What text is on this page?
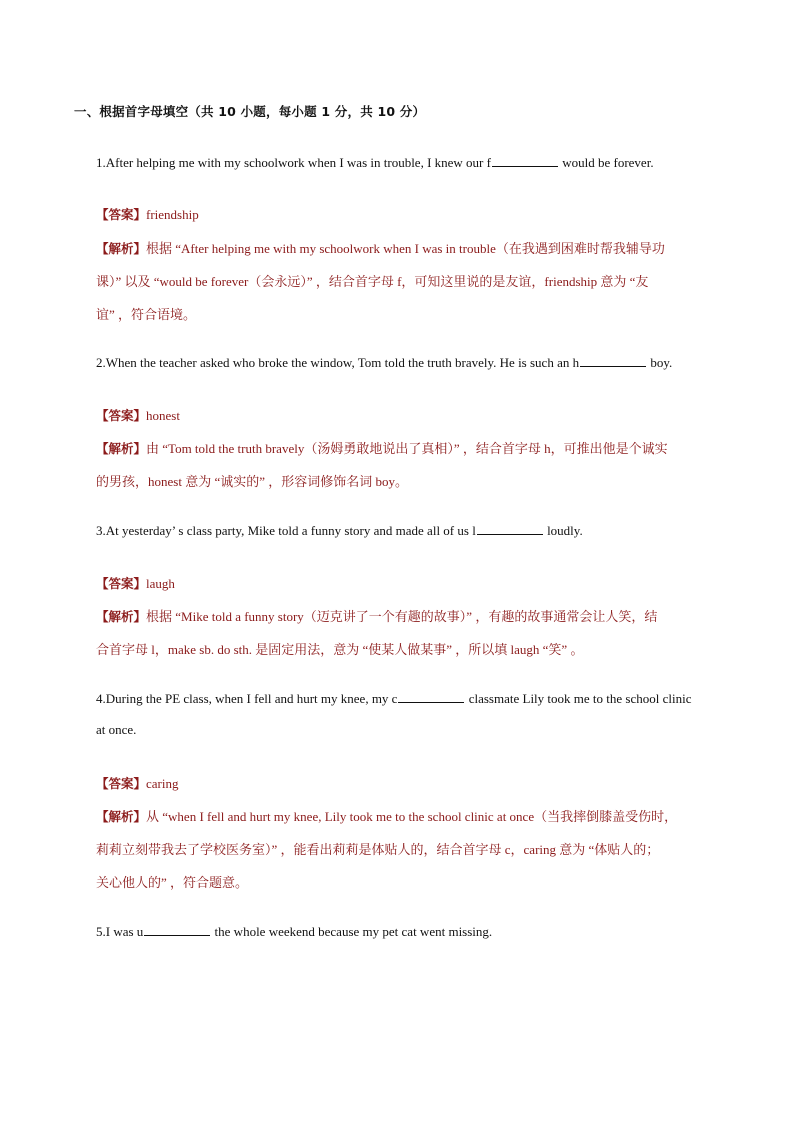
一、根据首字母填空（共 10 小题，每小题 1 分，共 10 分）
1.After helping me with my schoolwork when I was in trouble, I knew our f	would be forever.
【答案】friendship
【解析】根据 “After helping me with my schoolwork when I was in trouble（在我遇到困难时帮我辅导功
课）” 以及 “would be forever（会永远）” ，结合首字母 f，可知这里说的是友谊，friendship 意为 “友
谊” ，符合语境。
2.When the teacher asked who broke the window, Tom told the truth bravely. He is such an h	boy.
【答案】honest
【解析】由 “Tom told the truth bravely（汤姆勇敢地说出了真相）” ，结合首字母 h，可推出他是个诚实
的男孩，honest 意为 “诚实的” ，形容词修饰名词 boy。
3.At yesterday’ s class party, Mike told a funny story and made all of us l	loudly.
【答案】laugh
【解析】根据 “Mike told a funny story（迈克讲了一个有趣的故事）” ，有趣的故事通常会让人笑，结
合首字母 l，make sb. do sth. 是固定用法，意为 “使某人做某事” ，所以填 laugh “笑” 。
4.During the PE class, when I fell and hurt my knee, my c	classmate Lily took me to the school clinic
at once.
【答案】caring
【解析】从 “when I fell and hurt my knee, Lily took me to the school clinic at once（当我摔倒膝盖受伤时，
莉莉立刻带我去了学校医务室）” ，能看出莉莉是体贴人的，结合首字母 c，caring 意为 “体贴人的；
关心他人的” ，符合题意。
5.I was u	the whole weekend because my pet cat went missing.
